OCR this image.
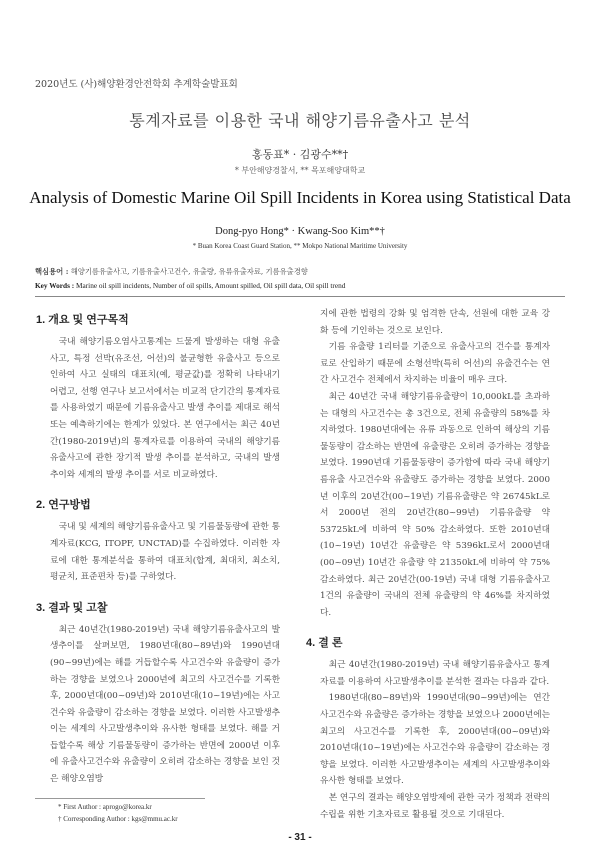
2020년도 (사)해양환경안전학회 추계학술발표회
통계자료를 이용한 국내 해양기름유출사고 분석
홍동표* · 김광수**†
* 부안해양경찰서, ** 목포해양대학교
Analysis of Domestic Marine Oil Spill Incidents in Korea using Statistical Data
Dong-pyo Hong* · Kwang-Soo Kim**†
* Buan Korea Coast Guard Station, ** Mokpo National Maritime University
핵심용어 : 해양기름유출사고, 기름유출사고건수, 유출량, 유류유출자료, 기름유출경향
Key Words : Marine oil spill incidents, Number of oil spills, Amount spilled, Oil spill data, Oil spill trend
1. 개요 및 연구목적

국내 해양기름오염사고통계는 드물게 발생하는 대형 유출사고, 특정 선박(유조선, 어선)의 불균형한 유출사고 등으로 인하여 사고 실태의 대표치(예, 평균값)를 정확히 나타내기 어렵고, 선행 연구나 보고서에서는 비교적 단기간의 통계자료를 사용하였기 때문에 기름유출사고 발생 추이를 제대로 해석 또는 예측하기에는 한계가 있었다. 본 연구에서는 최근 40년간(1980-2019년)의 통계자료를 이용하여 국내의 해양기름유출사고에 관한 장기적 발생 추이를 분석하고, 국내의 발생 추이와 세계의 발생 추이를 서로 비교하였다.

2. 연구방법

국내 및 세계의 해양기름유출사고 및 기름물동량에 관한 통계자료(KCG, ITOPF, UNCTAD)를 수집하였다. 이러한 자료에 대한 통계분석을 통하여 대표치(합계, 최대치, 최소치, 평균치, 표준편차 등)를 구하였다.

3. 결과 및 고찰

최근 40년간(1980-2019년) 국내 해양기름유출사고의 발생추이를 살펴보면, 1980년대(80~89년)와 1990년대(90~99년)에는 해를 거듭할수록 사고건수와 유출량이 증가하는 경향을 보였으나 2000년에 최고의 사고건수를 기록한 후, 2000년대(00~09년)와 2010년대(10~19년)에는 사고건수와 유출량이 감소하는 경향을 보였다. 이러한 사고발생추이는 세계의 사고발생추이와 유사한 형태를 보였다. 해를 거듭할수록 해상 기름물동량이 증가하는 반면에 2000년 이후에 유출사고건수와 유출량이 오히려 감소하는 경향을 보인 것은 해양오염방

지에 관한 법령의 강화 및 엄격한 단속, 선원에 대한 교육 강화 등에 기인하는 것으로 보인다.

기름 유출량 1리터를 기준으로 유출사고의 건수를 통계자료로 산입하기 때문에 소형선박(특히 어선)의 유출건수는 연간 사고건수 전체에서 차지하는 비율이 매우 크다.

최근 40년간 국내 해양기름유출량이 10,000kL를 초과하는 대형의 사고건수는 총 3건으로, 전체 유출량의 58%를 차지하였다. 1980년대에는 유류 과동으로 인하여 해상의 기름물동량이 감소하는 반면에 유출량은 오히려 증가하는 경향을 보였다. 1990년대 기름물동량이 증가함에 따라 국내 해양기름유출 사고건수와 유출량도 증가하는 경향을 보였다. 2000년 이후의 20년간(00~19년) 기름유출량은 약 26745kL로서 2000년 전의 20년간(80~99년) 기름유출량 약 53725kL에 비하여 약 50% 감소하였다. 또한 2010년대(10~19년) 10년간 유출량은 약 5396kL로서 2000년대(00~09년) 10년간 유출량 약 21350kL에 비하여 약 75% 감소하였다. 최근 20년간(00-19년) 국내 대형 기름유출사고 1건의 유출량이 국내의 전체 유출량의 약 46%를 차지하였다.

4. 결 론

최근 40년간(1980-2019년) 국내 해양기름유출사고 통계자료를 이용하여 사고발생추이를 분석한 결과는 다음과 같다.

1980년대(80~89년)와 1990년대(90~99년)에는 연간 사고건수와 유출량은 증가하는 경향을 보였으나 2000년에는 최고의 사고건수를 기록한 후, 2000년대(00~09년)와 2010년대(10~19년)에는 사고건수와 유출량이 감소하는 경향을 보였다. 이러한 사고발생추이는 세계의 사고발생추이와 유사한 형태를 보였다.

본 연구의 결과는 해양오염방제에 관한 국가 정책과 전략의 수립을 위한 기초자료로 활용될 것으로 기대된다.

* First Author : aprogo@korea.kr
† Corresponding Author : kgs@mmu.ac.kr
- 31 -
